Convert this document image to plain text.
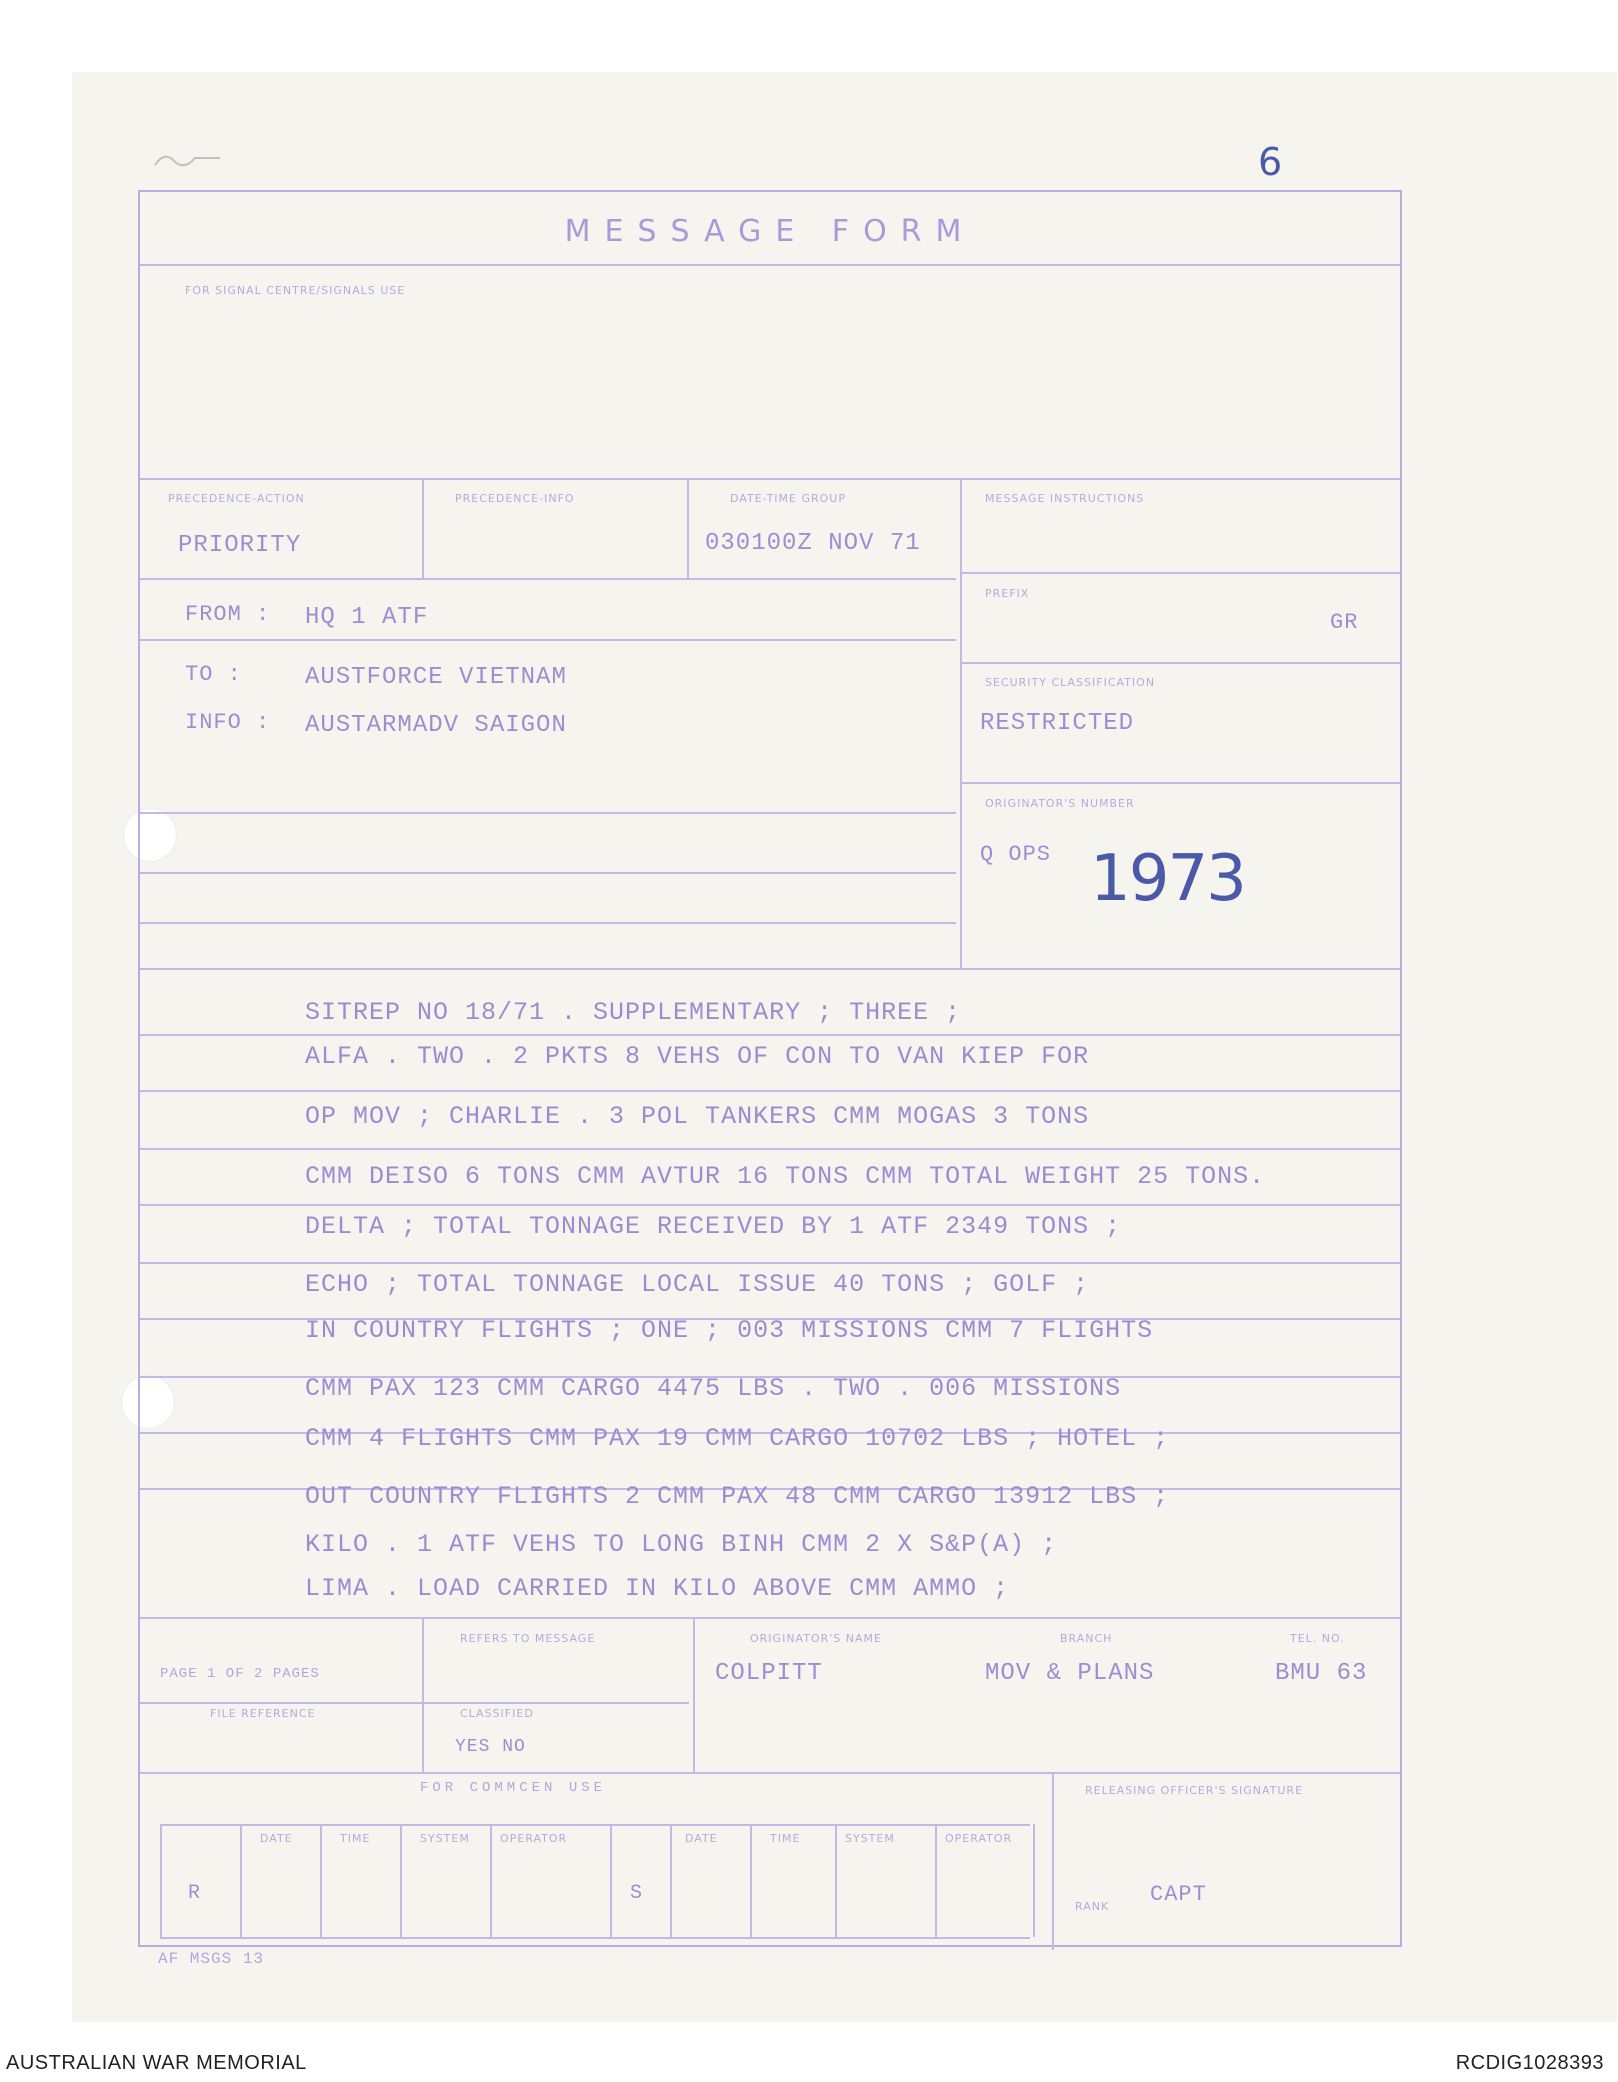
6
MESSAGE FORM
FOR SIGNAL CENTRE/SIGNALS USE
PRECEDENCE-ACTION
PRIORITY
PRECEDENCE-INFO	DATE-TIME GROUP
030100Z NOV 71
MESSAGE INSTRUCTIONS
PREFIX
GR
FROM : HQ 1 ATF
TO :	AUSTFORCE VIETNAM
INFO : AUSTARMADV SAIGON
SECURITY CLASSIFICATION
RESTRICTED
ORIGINATOR'S NUMBER
Q OPS 1973
PAGE 1 OF 2 PAGES
FILE REFERENCE
REFERS TO MESSAGE
CLASSIFIED
YES NO
ORIGINATOR'S NAME
COLPITT
BRANCH
MOV & PLANS
TEL. NO.
BMU 63
FOR COMMCEN USE	RELEASING OFFICER'S SIGNATURE
DATE	TIME	SYSTEM	OPERATOR	DATE	TIME	SYSTEM	OPERATOR
R	S
RANK CAPT
AF MSGS 13
SITREP NO 18/71 . SUPPLEMENTARY ; THREE ;
ALFA . TWO . 2 PKTS 8 VEHS OF CON TO VAN KIEP FOR
OP MOV ; CHARLIE . 3 POL TANKERS CMM MOGAS 3 TONS
CMM DEISO 6 TONS CMM AVTUR 16 TONS CMM TOTAL WEIGHT 25 TONS.
DELTA ; TOTAL TONNAGE RECEIVED BY 1 ATF 2349 TONS ;
ECHO ; TOTAL TONNAGE LOCAL ISSUE 40 TONS ; GOLF ;
IN COUNTRY FLIGHTS ; ONE ; 003 MISSIONS CMM 7 FLIGHTS
CMM PAX 123 CMM CARGO 4475 LBS . TWO . 006 MISSIONS
CMM 4 FLIGHTS CMM PAX 19 CMM CARGO 10702 LBS ; HOTEL ;
OUT COUNTRY FLIGHTS 2 CMM PAX 48 CMM CARGO 13912 LBS ;
KILO . 1 ATF VEHS TO LONG BINH CMM 2 X S&P(A) ;
LIMA . LOAD CARRIED IN KILO ABOVE CMM AMMO ;
AUSTRALIAN WAR MEMORIAL	RCDIG1028393
